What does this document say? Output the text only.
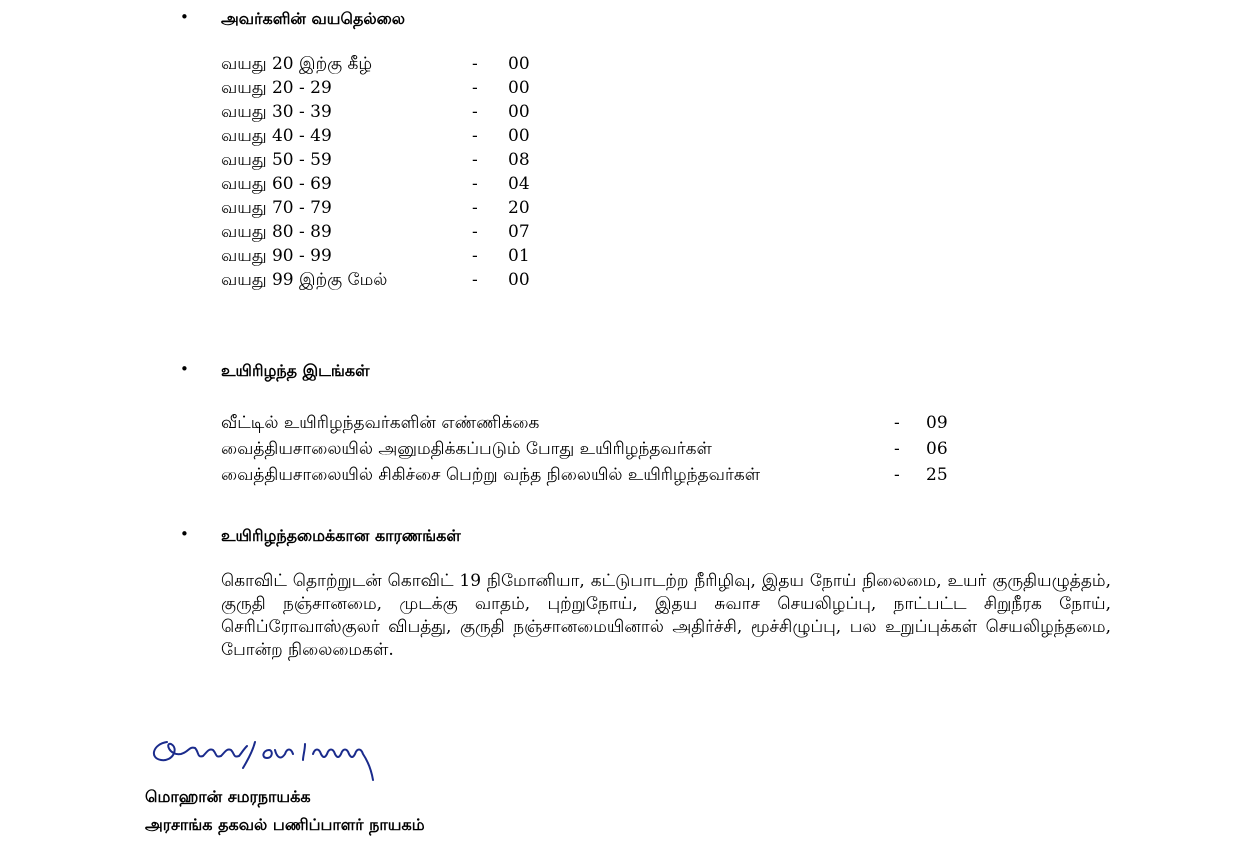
• அவர்களின் வயதெல்லை
வயது 20 இற்கு கீழ்	- 00
வயது 20 - 29	- 00
வயது 30 - 39	- 00
வயது 40 - 49	- 00
வயது 50 - 59	- 08
வயது 60 - 69	- 04
வயது 70 - 79	- 20
வயது 80 - 89	- 07
வயது 90 - 99	- 01
வயது 99 இற்கு மேல்	- 00
• உயிரிழந்த இடங்கள்
வீட்டில் உயிரிழந்தவர்களின் எண்ணிக்கை	- 09
வைத்தியசாலையில் அனுமதிக்கப்படும் போது உயிரிழந்தவர்கள்	- 06
வைத்தியசாலையில் சிகிச்சை பெற்று வந்த நிலையில் உயிரிழந்தவர்கள்	- 25
• உயிரிழந்தமைக்கான காரணங்கள்

கொவிட் தொற்றுடன் கொவிட் 19 நிமோனியா, கட்டுபாடற்ற நீரிழிவு, இதய நோய் நிலைமை, உயர் குருதியழுத்தம், குருதி நஞ்சானமை, முடக்கு வாதம், புற்றுநோய், இதய சுவாச செயலிழப்பு, நாட்பட்ட சிறுநீரக நோய், செரிப்ரோவாஸ்குலர் விபத்து, குருதி நஞ்சானமையினால் அதிர்ச்சி, மூச்சிழுப்பு, பல உறுப்புக்கள் செயலிழந்தமை, போன்ற நிலைமைகள்.

மொஹான் சமரநாயக்க
அரசாங்க தகவல் பணிப்பாளர் நாயகம்
